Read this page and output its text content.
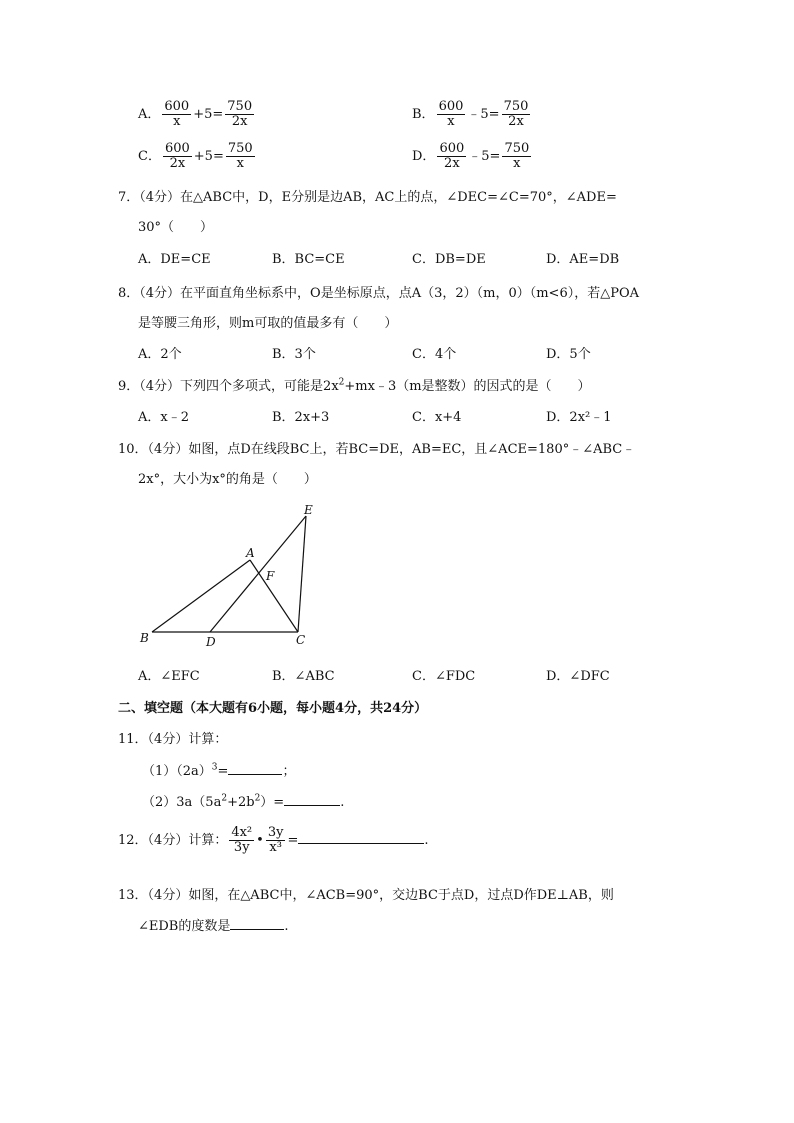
A． $\frac{600}{x} +5= \frac{750}{2x}$	B． $\frac{600}{x}$ ﹣5= $\frac{750}{2x}$
C． $\frac{600}{2x} +5= \frac{750}{x}$	D． $\frac{600}{2x}$ ﹣5= $\frac{750}{x}$
7．（4分）在△ABC中，D，E分别是边AB，AC上的点，∠DEC=∠C=70°，∠ADE=
30°（　　）
A．DE=CE	B．BC=CE	C．DB=DE	D．AE=DB
8．（4分）在平面直角坐标系中，O是坐标原点，点A（3，2）（m，0）（m<6），若△POA
是等腰三角形，则m可取的值最多有（　　）
A．2个	B．3个	C．4个	D．5个
9．（4分）下列四个多项式，可能是$2x^2+mx﹣3(m$是整数）的因式的是（　　）
A．x﹣2	B．2x+3	C．x+4	D．2x²﹣1
10．（4分）如图，点D在线段BC上，若BC=DE，AB=EC，且∠ACE=180°﹣∠ABC﹣
2x°，大小为x°的角是（　　）
E
A
F
B	D	C
A．∠EFC	B．∠ABC	C．∠FDC	D．∠DFC
二、填空题（本大题有6小题，每小题4分，共24分）
11．（4分）计算：
$(1)(2a)^3=$	；
$(2)3a(5a^2+2b^2)=$	.
12．（4分）计算： $\frac{\text{4x²}}{3y}$ • $\frac{3y}{\text{x³}}$ =	.
13．（4分）如图，在△ABC中，∠ACB=90°，交边BC于点D，过点D作DE⊥AB，则
∠EDB的度数是	.
